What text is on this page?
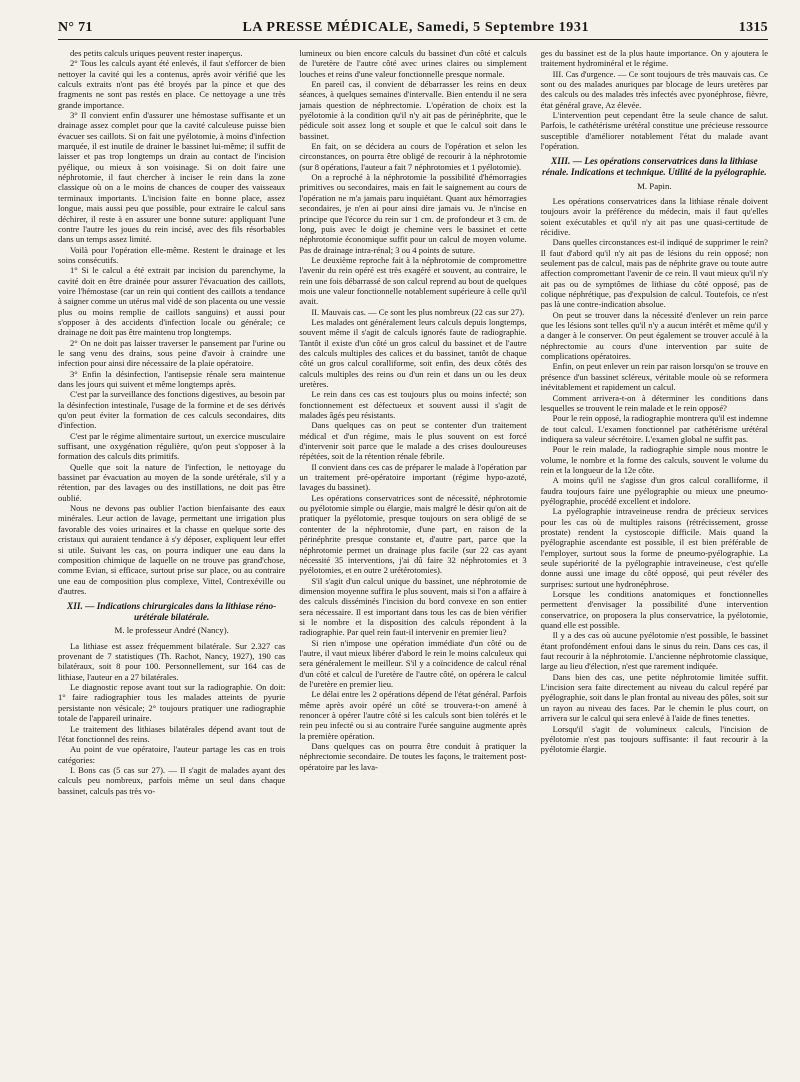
N° 71	LA PRESSE MÉDICALE, Samedi, 5 Septembre 1931	1315

des petits calculs uriques peuvent rester inaperçus.

2° Tous les calculs ayant été enlevés, il faut s'efforcer de bien nettoyer la cavité qui les a contenus, après avoir vérifié que les calculs extraits n'ont pas été broyés par la pince et que des fragments ne sont pas restés en place. Ce nettoyage a une très grande importance.

3° Il convient enfin d'assurer une hémostase suffisante et un drainage assez complet pour que la cavité calculeuse puisse bien évacuer ses caillots. Si on fait une pyélotomie, à moins d'infection marquée, il est inutile de drainer le bassinet lui-même; il suffit de laisser et pas trop longtemps un drain au contact de l'incision pyélique, ou mieux à son voisinage. Si on doit faire une néphrotomie, il faut chercher à inciser le rein dans la zone classique où on a le moins de chances de couper des vaisseaux terminaux importants. L'incision faite en bonne place, assez longue, mais aussi peu que possible, pour extraire le calcul sans déchirer, il reste à en assurer une bonne suture: appliquant l'une contre l'autre les joues du rein incisé, avec des fils résorbables dans un temps assez limité.

Voilà pour l'opération elle-même. Restent le drainage et les soins consécutifs.

1° Si le calcul a été extrait par incision du parenchyme, la cavité doit en être drainée pour assurer l'évacuation des caillots, voire l'hémostase (car un rein qui contient des caillots a tendance à saigner comme un utérus mal vidé de son placenta ou une vessie plus ou moins remplie de caillots sanguins) et aussi pour s'opposer à des accidents d'infection locale ou générale; ce drainage ne doit pas être maintenu trop longtemps.

2° On ne doit pas laisser traverser le pansement par l'urine ou le sang venu des drains, sous peine d'avoir à craindre une infection pour ainsi dire nécessaire de la plaie opératoire.

3° Enfin la désinfection, l'antisepsie rénale sera maintenue dans les jours qui suivent et même longtemps après.

C'est par la surveillance des fonctions digestives, au besoin par la désinfection intestinale, l'usage de la formine et de ses dérivés qu'on peut éviter la formation de ces calculs secondaires, dits d'infection.

C'est par le régime alimentaire surtout, un exercice musculaire suffisant, une oxygénation régulière, qu'on peut s'opposer à la formation des calculs dits primitifs.

Quelle que soit la nature de l'infection, le nettoyage du bassinet par évacuation au moyen de la sonde urétérale, s'il y a rétention, par des lavages ou des instillations, ne doit pas être oublié.

Nous ne devons pas oublier l'action bienfaisante des eaux minérales. Leur action de lavage, permettant une irrigation plus favorable des voies urinaires et la chasse en quelque sorte des cristaux qui auraient tendance à s'y déposer, expliquent leur effet si utile. Suivant les cas, on pourra indiquer une eau dans la composition chimique de laquelle on ne trouve pas grand'chose, comme Evian, si efficace, surtout prise sur place, ou au contraire une eau de composition plus complexe, Vittel, Contrexéville ou d'autres.

XII. — Indications chirurgicales dans la lithiase réno-urétérale bilatérale.
M. le professeur André (Nancy).

La lithiase est assez fréquemment bilatérale. Sur 2.327 cas provenant de 7 statistiques (Th. Rachot, Nancy, 1927), 190 cas bilatéraux, soit 8 pour 100. Personnellement, sur 164 cas de lithiase, l'auteur en a 27 bilatérales.

Le diagnostic repose avant tout sur la radiographie. On doit: 1° faire radiographier tous les malades atteints de pyurie persistante non vésicale; 2° toujours pratiquer une radiographie totale de l'appareil urinaire.

Le traitement des lithiases bilatérales dépend avant tout de l'état fonctionnel des reins.

Au point de vue opératoire, l'auteur partage les cas en trois catégories:

I. Bons cas (5 cas sur 27). — Il s'agit de malades ayant des calculs peu nombreux, parfois même un seul dans chaque bassinet, calculs pas très vo-

lumineux ou bien encore calculs du bassinet d'un côté et calculs de l'uretère de l'autre côté avec urines claires ou simplement louches et reins d'une valeur fonctionnelle presque normale.

En pareil cas, il convient de débarrasser les reins en deux séances, à quelques semaines d'intervalle. Bien entendu il ne sera jamais question de néphrectomie. L'opération de choix est la pyélotomie à la condition qu'il n'y ait pas de périnéphrite, que le pédicule soit assez long et souple et que le calcul soit dans le bassinet.

En fait, on se décidera au cours de l'opération et selon les circonstances, on pourra être obligé de recourir à la néphrotomie (sur 8 opérations, l'auteur a fait 7 néphrotomies et 1 pyélotomie).

On a reproché à la néphrotomie la possibilité d'hémorragies primitives ou secondaires, mais en fait le saignement au cours de l'opération ne m'a jamais paru inquiétant. Quant aux hémorragies secondaires, je n'en ai pour ainsi dire jamais vu. Je n'incise en principe que l'écorce du rein sur 1 cm. de profondeur et 3 cm. de long, puis avec le doigt je chemine vers le bassinet et cette néphrotomie économique suffit pour un calcul de moyen volume. Pas de drainage intra-rénal; 3 ou 4 points de suture.

Le deuxième reproche fait à la néphrotomie de compromettre l'avenir du rein opéré est très exagéré et souvent, au contraire, le rein une fois débarrassé de son calcul reprend au bout de quelques mois une valeur fonctionnelle notablement supérieure à celle qu'il avait.

II. Mauvais cas. — Ce sont les plus nombreux (22 cas sur 27).

Les malades ont généralement leurs calculs depuis longtemps, souvent même il s'agit de calculs ignorés faute de radiographie. Tantôt il existe d'un côté un gros calcul du bassinet et de l'autre des calculs multiples des calices et du bassinet, tantôt de chaque côté un gros calcul coralliforme, soit enfin, des deux côtés des calculs multiples des reins ou d'un rein et dans un ou les deux uretères.

Le rein dans ces cas est toujours plus ou moins infecté; son fonctionnement est défectueux et souvent aussi il s'agit de malades âgés peu résistants.

Dans quelques cas on peut se contenter d'un traitement médical et d'un régime, mais le plus souvent on est forcé d'intervenir soit parce que le malade a des crises douloureuses répétées, soit de la rétention rénale fébrile.

Il convient dans ces cas de préparer le malade à l'opération par un traitement pré-opératoire important (régime hypo-azoté, lavages du bassinet).

Les opérations conservatrices sont de nécessité, néphrotomie ou pyélotomie simple ou élargie, mais malgré le désir qu'on ait de pratiquer la pyélotomie, presque toujours on sera obligé de se contenter de la néphrotomie, d'une part, en raison de la périnéphrite presque constante et, d'autre part, parce que la néphrotomie permet un drainage plus facile (sur 22 cas ayant nécessité 35 interventions, j'ai dû faire 32 néphrotomies et 3 pyélotomies, et en outre 2 urétérotomies).

S'il s'agit d'un calcul unique du bassinet, une néphrotomie de dimension moyenne suffira le plus souvent, mais si l'on a affaire à des calculs disséminés l'incision du bord convexe en son entier sera nécessaire. Il est important dans tous les cas de bien vérifier si le nombre et la disposition des calculs répondent à la radiographie. Par quel rein faut-il intervenir en premier lieu?

Si rien n'impose une opération immédiate d'un côté ou de l'autre, il vaut mieux libérer d'abord le rein le moins calculeux qui sera généralement le meilleur. S'il y a coïncidence de calcul rénal d'un côté et calcul de l'uretère de l'autre côté, on opérera le calcul de l'uretère en premier lieu.

Le délai entre les 2 opérations dépend de l'état général. Parfois même après avoir opéré un côté se trouvera-t-on amené à renoncer à opérer l'autre côté si les calculs sont bien tolérés et le rein peu infecté ou si au contraire l'urée sanguine augmente après la première opération.

Dans quelques cas on pourra être conduit à pratiquer la néphrectomie secondaire. De toutes les façons, le traitement post-opératoire par les lava-

ges du bassinet est de la plus haute importance. On y ajoutera le traitement hydrominéral et le régime.

III. Cas d'urgence. — Ce sont toujours de très mauvais cas. Ce sont ou des malades anuriques par blocage de leurs uretères par des calculs ou des malades très infectés avec pyonéphrose, fièvre, état général grave, Az élevée.

L'intervention peut cependant être la seule chance de salut. Parfois, le cathétérisme urétéral constitue une précieuse ressource susceptible d'améliorer notablement l'état du malade avant l'opération.

XIII. — Les opérations conservatrices dans la lithiase rénale. Indications et technique. Utilité de la pyélographie.
M. Papin.

Les opérations conservatrices dans la lithiase rénale doivent toujours avoir la préférence du médecin, mais il faut qu'elles soient exécutables et qu'il n'y ait pas une quasi-certitude de récidive.

Dans quelles circonstances est-il indiqué de supprimer le rein? Il faut d'abord qu'il n'y ait pas de lésions du rein opposé; non seulement pas de calcul, mais pas de néphrite grave ou toute autre affection compromettant l'avenir de ce rein. Il vaut mieux qu'il n'y ait pas ou de symptômes de lithiase du côté opposé, pas de colique néphrétique, pas d'expulsion de calcul. Toutefois, ce n'est pas là une contre-indication absolue.

On peut se trouver dans la nécessité d'enlever un rein parce que les lésions sont telles qu'il n'y a aucun intérêt et même qu'il y a danger à le conserver. On peut également se trouver acculé à la néphrectomie au cours d'une intervention par suite de complications opératoires.

Enfin, on peut enlever un rein par raison lorsqu'on se trouve en présence d'un bassinet scléreux, véritable moule où se reformera inévitablement et rapidement un calcul.

Comment arrivera-t-on à déterminer les conditions dans lesquelles se trouvent le rein malade et le rein opposé?

Pour le rein opposé, la radiographie montrera qu'il est indemne de tout calcul. L'examen fonctionnel par cathétérisme urétéral indiquera sa valeur sécrétoire. L'examen global ne suffit pas.

Pour le rein malade, la radiographie simple nous montre le volume, le nombre et la forme des calculs, souvent le volume du rein et la longueur de la 12e côte.

A moins qu'il ne s'agisse d'un gros calcul coralliforme, il faudra toujours faire une pyélographie ou mieux une pneumo-pyélographie, procédé excellent et indolore.

La pyélographie intraveineuse rendra de précieux services pour les cas où de multiples raisons (rétrécissement, grosse prostate) rendent la cystoscopie difficile. Mais quand la pyélographie ascendante est possible, il est bien préférable de l'employer, surtout sous la forme de pneumo-pyélographie. La seule supériorité de la pyélographie intraveineuse, c'est qu'elle donne aussi une image du côté opposé, qui peut révéler des surprises: surtout une hydronéphrose.

Lorsque les conditions anatomiques et fonctionnelles permettent d'envisager la possibilité d'une intervention conservatrice, on proposera la plus conservatrice, la pyélotomie, quand elle est possible.

Il y a des cas où aucune pyélotomie n'est possible, le bassinet étant profondément enfoui dans le sinus du rein. Dans ces cas, il faut recourir à la néphrotomie. L'ancienne néphrotomie classique, large au lieu d'élection, n'est que rarement indiquée.

Dans bien des cas, une petite néphrotomie limitée suffit. L'incision sera faite directement au niveau du calcul repéré par pyélographie, soit dans le plan frontal au niveau des pôles, soit sur un rayon au niveau des faces. Par le chemin le plus court, on arrivera sur le calcul qui sera enlevé à l'aide de fines tenettes.

Lorsqu'il s'agit de volumineux calculs, l'incision de pyélotomie n'est pas toujours suffisante: il faut recourir à la pyélotomie élargie.
